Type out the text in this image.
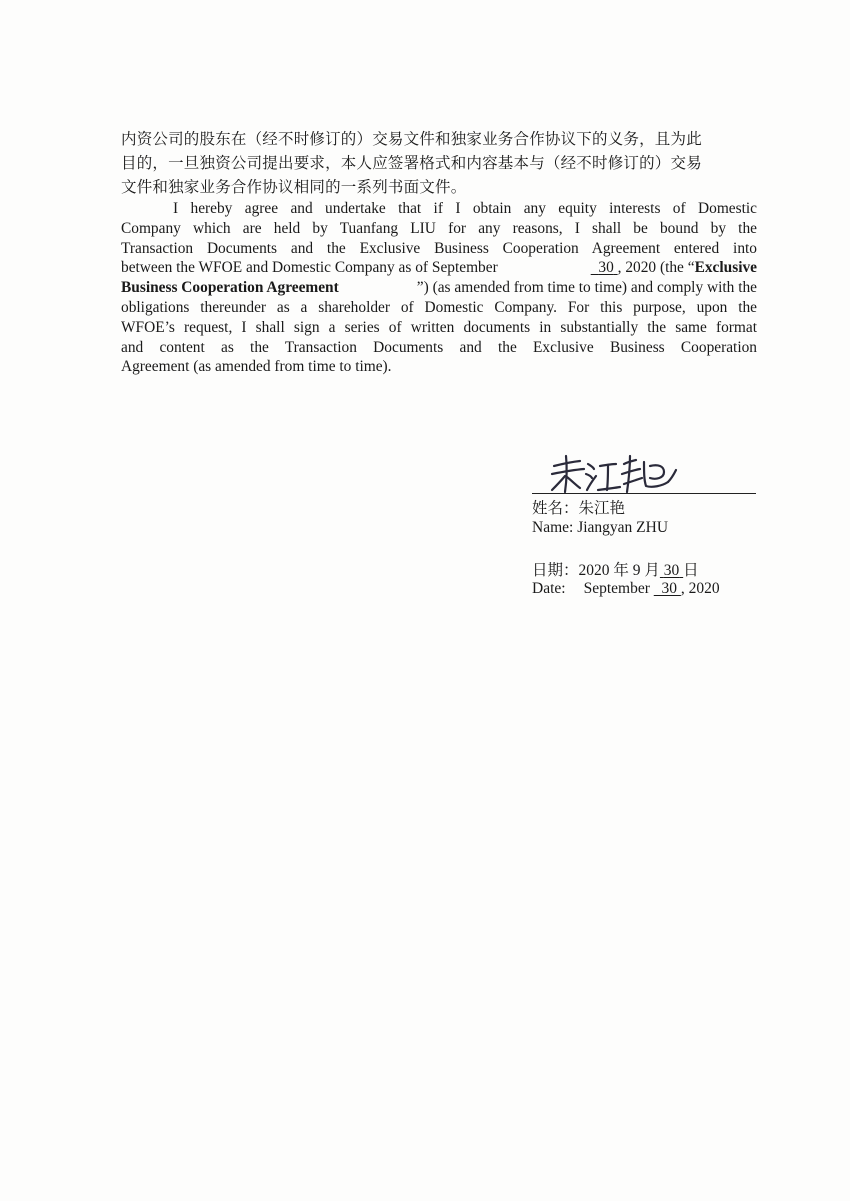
内资公司的股东在（经不时修订的）交易文件和独家业务合作协议下的义务，且为此
目的，一旦独资公司提出要求，本人应签署格式和内容基本与（经不时修订的）交易
文件和独家业务合作协议相同的一系列书面文件。
I hereby agree and undertake that if I obtain any equity interests of Domestic
Company which are held by Tuanfang LIU for any reasons, I shall be bound by the
Transaction Documents and the Exclusive Business Cooperation Agreement entered into
between the WFOE and Domestic Company as of September	30 , 2020 (the “Exclusive
Business Cooperation Agreement	”) (as amended from time to time) and comply with the
obligations thereunder as a shareholder of Domestic Company. For this purpose, upon the
WFOE’s request, I shall sign a series of written documents in substantially the same format
and content as the Transaction Documents and the Exclusive Business Cooperation
Agreement (as amended from time to time).
姓名：朱江艳
Name: Jiangyan ZHU
日期：2020 年 9 月 30 日
Date: September 30 , 2020
